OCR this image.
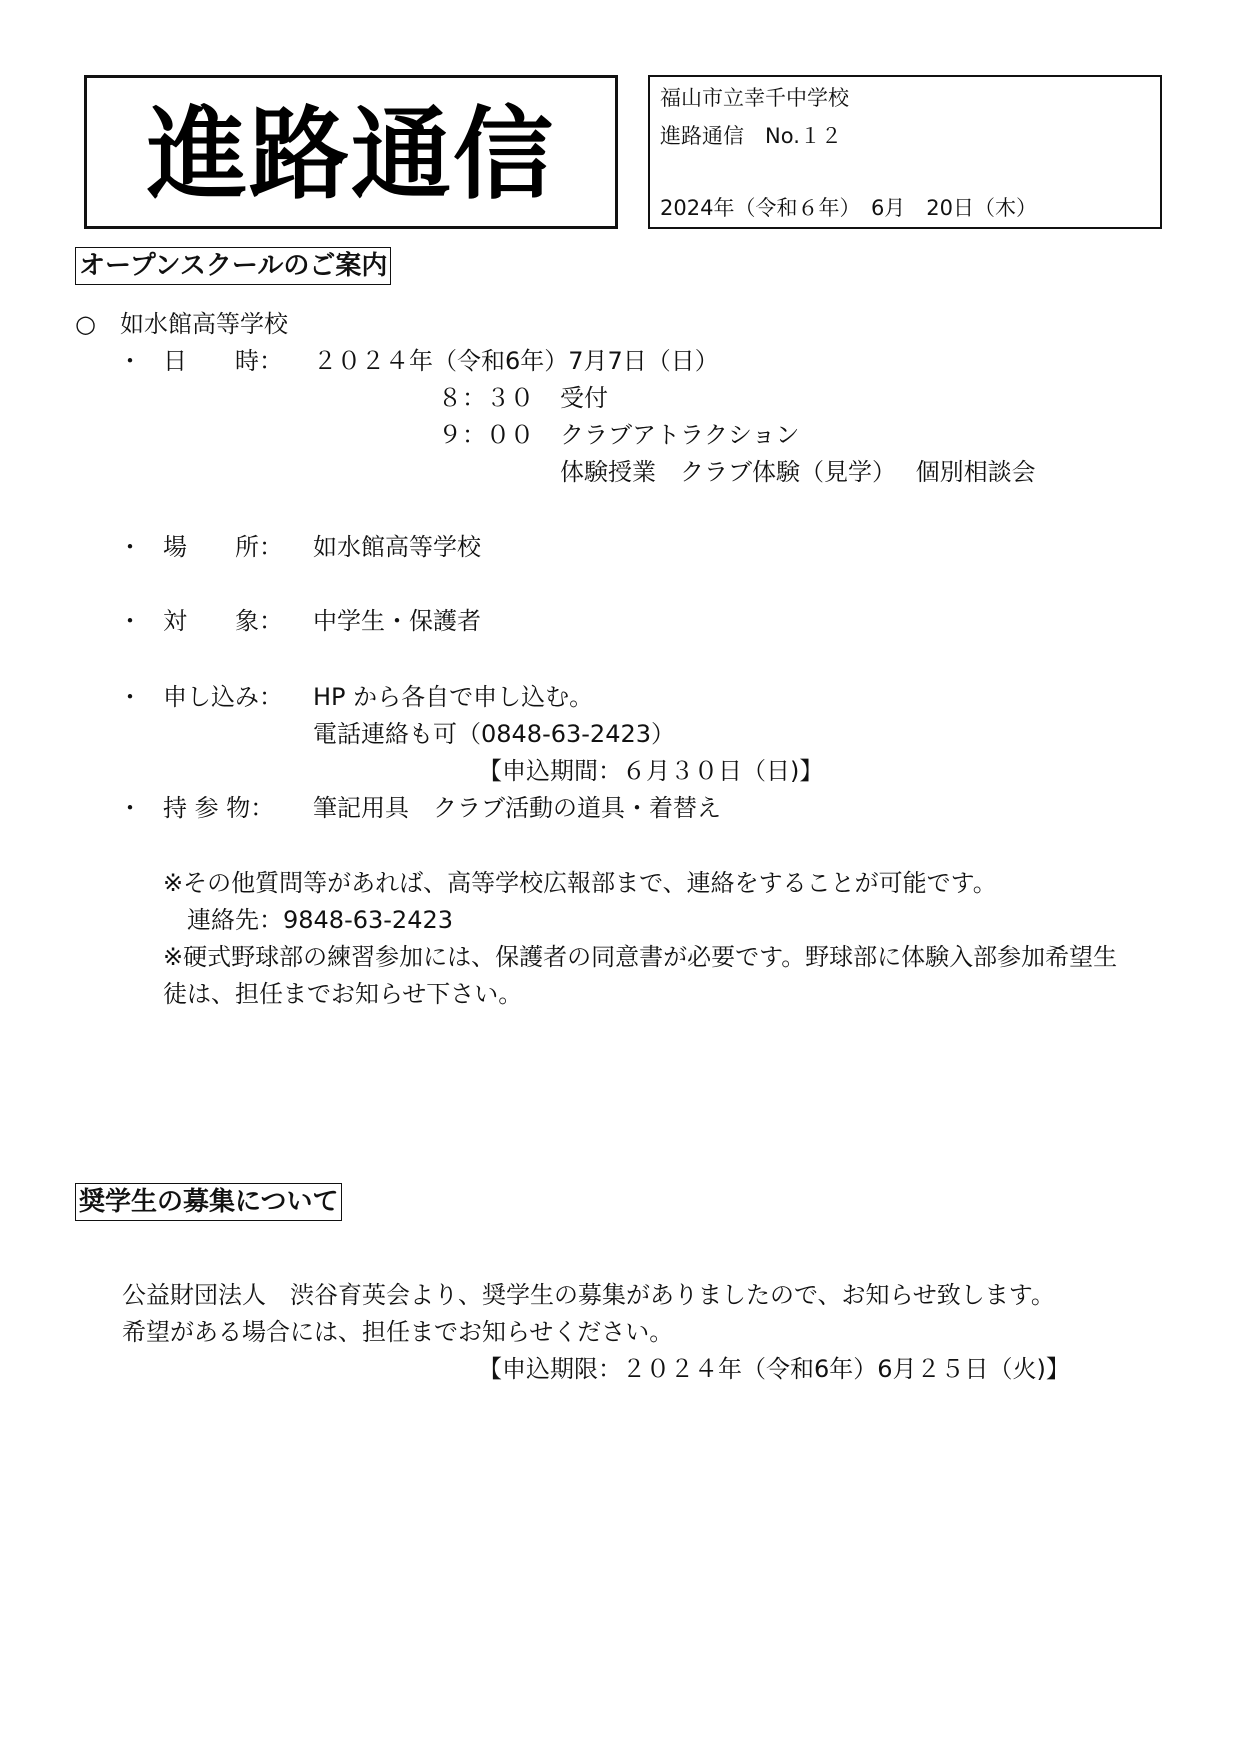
進路通信	福山市立幸千中学校
進路通信　No.１２
2024年（令和６年）　6月　20日（木）
オープンスクールのご案内
○　如水館高等学校
・ 日　　時： ２０２４年（令和6年）7月7日（日）
８：３０ 受付
９：００ クラブアトラクション
体験授業　クラブ体験（見学）　 個別相談会
・ 場　　所： 如水館高等学校
・ 対　　象： 中学生・保護者
・ 申し込み： HP から各自で申し込む。
電話連絡も可（0848-63-2423）
【申込期間：６月３０日（日)】
・ 持 参 物： 筆記用具　クラブ活動の道具・着替え
※その他質問等があれば、高等学校広報部まで、連絡をすることが可能です。
連絡先：9848-63-2423
※硬式野球部の練習参加には、保護者の同意書が必要です。野球部に体験入部参加希望生
徒は、担任までお知らせ下さい。
奨学生の募集について
公益財団法人　渋谷育英会より、奨学生の募集がありましたので、お知らせ致します。
希望がある場合には、担任までお知らせください。
【申込期限：２０２４年（令和6年）6月２５日（火)】
